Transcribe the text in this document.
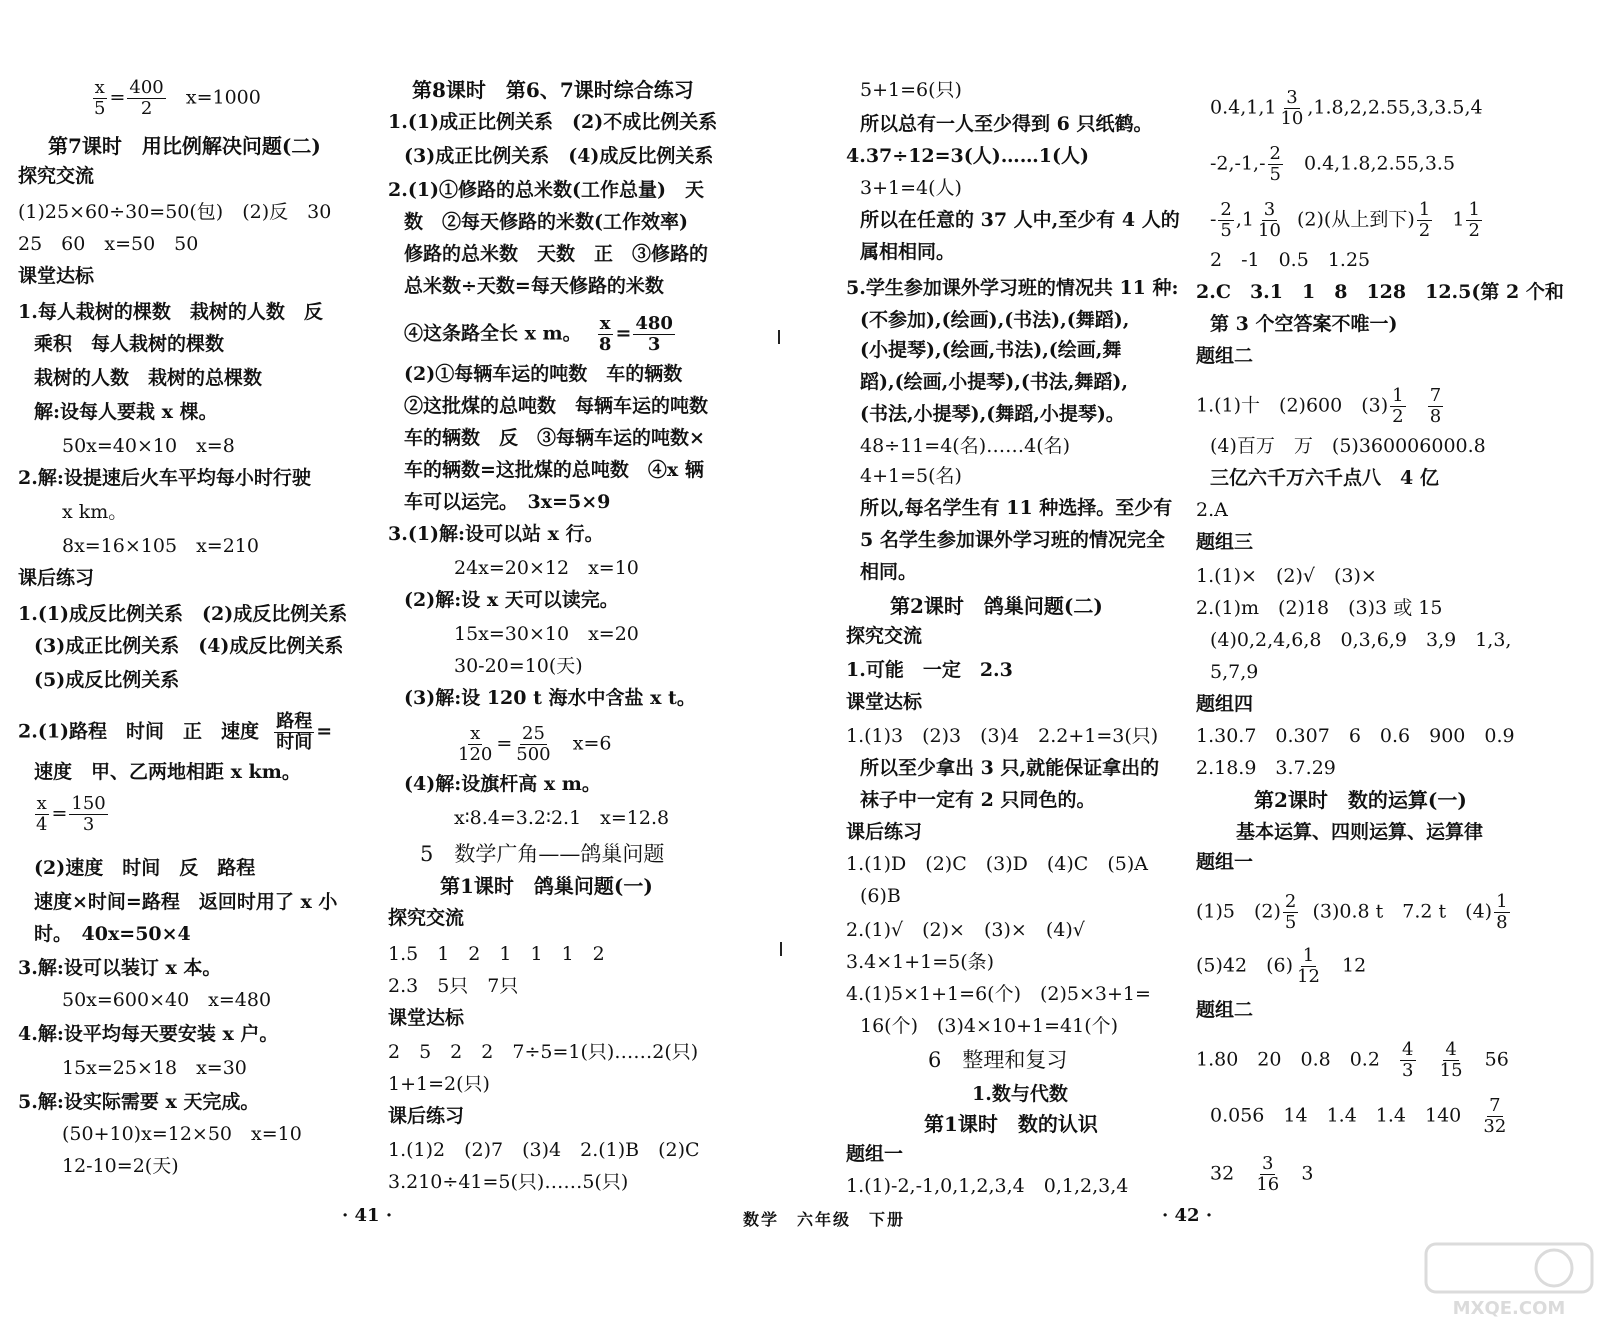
$\frac{x}{5} = \frac{400}{2} x=1000$
第7课时　用比例解决问题(二)
探究交流
(1)25×60÷30=50(包)　(2)反　30
25　60　x=50　50
课堂达标
1.每人栽树的棵数　栽树的人数　反
乘积　每人栽树的棵数
栽树的人数　栽树的总棵数
解:设每人要栽 x 棵。
50x=40×10　x=8
2.解:设提速后火车平均每小时行驶
x km。
8x=16×105　x=210
课后练习
1.(1)成反比例关系　(2)成反比例关系
(3)成正比例关系　(4)成反比例关系
(5)成反比例关系
2.(1)路程　时间　正　速度 $\frac{\text{路程}}{\text{时间}}$ =
速度　甲、乙两地相距 x km。
$\frac{x}{4} = \frac{150}{3}$
(2)速度　时间　反　路程
速度×时间=路程　返回时用了 x 小
时。　40x=50×4
3.解:设可以装订 x 本。
50x=600×40　x=480
4.解:设平均每天要安装 x 户。
15x=25×18　x=30
5.解:设实际需要 x 天完成。
(50+10)x=12×50　x=10
12-10=2(天)
第8课时　第6、7课时综合练习
1.(1)成正比例关系　(2)不成比例关系
(3)成正比例关系　(4)成反比例关系
2.(1)①修路的总米数(工作总量)　天
数　②每天修路的米数(工作效率)
修路的总米数　天数　正　③修路的
总米数÷天数=每天修路的米数
④这条路全长 x m。 $\frac{x}{8} = \frac{480}{3}$
(2)①每辆车运的吨数　车的辆数
②这批煤的总吨数　每辆车运的吨数
车的辆数　反　③每辆车运的吨数×
车的辆数=这批煤的总吨数　④x 辆
车可以运完。　3x=5×9
3.(1)解:设可以站 x 行。
24x=20×12　x=10
(2)解:设 x 天可以读完。
15x=30×10　x=20
30-20=10(天)
(3)解:设 120 t 海水中含盐 x t。
$\frac{x}{120} = \frac{25}{500} x=6$
(4)解:设旗杆高 x m。
x∶8.4=3.2∶2.1　x=12.8
5　数学广角——鸽巢问题
第1课时　鸽巢问题(一)
探究交流
1.5　1　2　1　1　1　2
2.3　5只　7只
课堂达标
2　5　2　2　7÷5=1(只)……2(只)
1+1=2(只)
课后练习
1.(1)2　(2)7　(3)4　2.(1)B　(2)C
3.210÷41=5(只)……5(只)
5+1=6(只)
所以总有一人至少得到 6 只纸鹤。
4.37÷12=3(人)……1(人)
3+1=4(人)
所以在任意的 37 人中,至少有 4 人的
属相相同。
5.学生参加课外学习班的情况共 11 种:
(不参加),(绘画),(书法),(舞蹈),
(小提琴),(绘画,书法),(绘画,舞
蹈),(绘画,小提琴),(书法,舞蹈),
(书法,小提琴),(舞蹈,小提琴)。
48÷11=4(名)……4(名)
4+1=5(名)
所以,每名学生有 11 种选择。至少有
5 名学生参加课外学习班的情况完全
相同。
第2课时　鸽巢问题(二)
探究交流
1.可能　一定　2.3
课堂达标
1.(1)3　(2)3　(3)4　2.2+1=3(只)
所以至少拿出 3 只,就能保证拿出的
袜子中一定有 2 只同色的。
课后练习
1.(1)D　(2)C　(3)D　(4)C　(5)A
(6)B
2.(1)√　(2)×　(3)×　(4)√
3.4×1+1=5(条)
4.(1)5×1+1=6(个)　(2)5×3+1=
16(个)　(3)4×10+1=41(个)
6　整理和复习
1.数与代数
第1课时　数的认识
题组一
1.(1)-2,-1,0,1,2,3,4　0,1,2,3,4
$0.4,1,1 \frac{3}{10} ,1.8,2,2.55,3,3.5,4$
$-2,-1,- \frac{2}{5}$ 　0.4,1.8,2.55,3.5
- $\frac{2}{5} ,1 \frac{3}{10} (2)$(从上到下) $\frac{1}{2} 1 \frac{1}{2}$
2　-1　0.5　1.25
2.C　3.1　1　8　128　12.5(第 2 个和
第 3 个空答案不唯一)
题组二
1.(1)十　(2)600　$(3) \frac{1}{2}$
$\frac{7}{8}$
(4)百万　万　(5)360006000.8
三亿六千万六千点八　4 亿
2.A
题组三
1.(1)×　(2)√　(3)×
2.(1)m　(2)18　(3)3 或 15
(4)0,2,4,6,8　0,3,6,9　3,9　1,3,
5,7,9
题组四
1.30.7　0.307　6　0.6　900　0.9
2.18.9　3.7.29
第2课时　数的运算(一)
基本运算、四则运算、运算律
题组一
(1)5　$(2) \frac{2}{5} (3)0.8$ t　7.2 t　$(4) \frac{1}{8}$
(5)42　$(6) \frac{1}{12} 12$
题组二
1.80　20　0.8　$0.2 \frac{4}{3}$
$\frac{4}{15} 56$
0.056　14　1.4　1.4　$140 \frac{7}{32}$
$32 \frac{3}{16} 3$
· 41 ·	数学　六年级　下册	· 42 ·
MXQE.COM
